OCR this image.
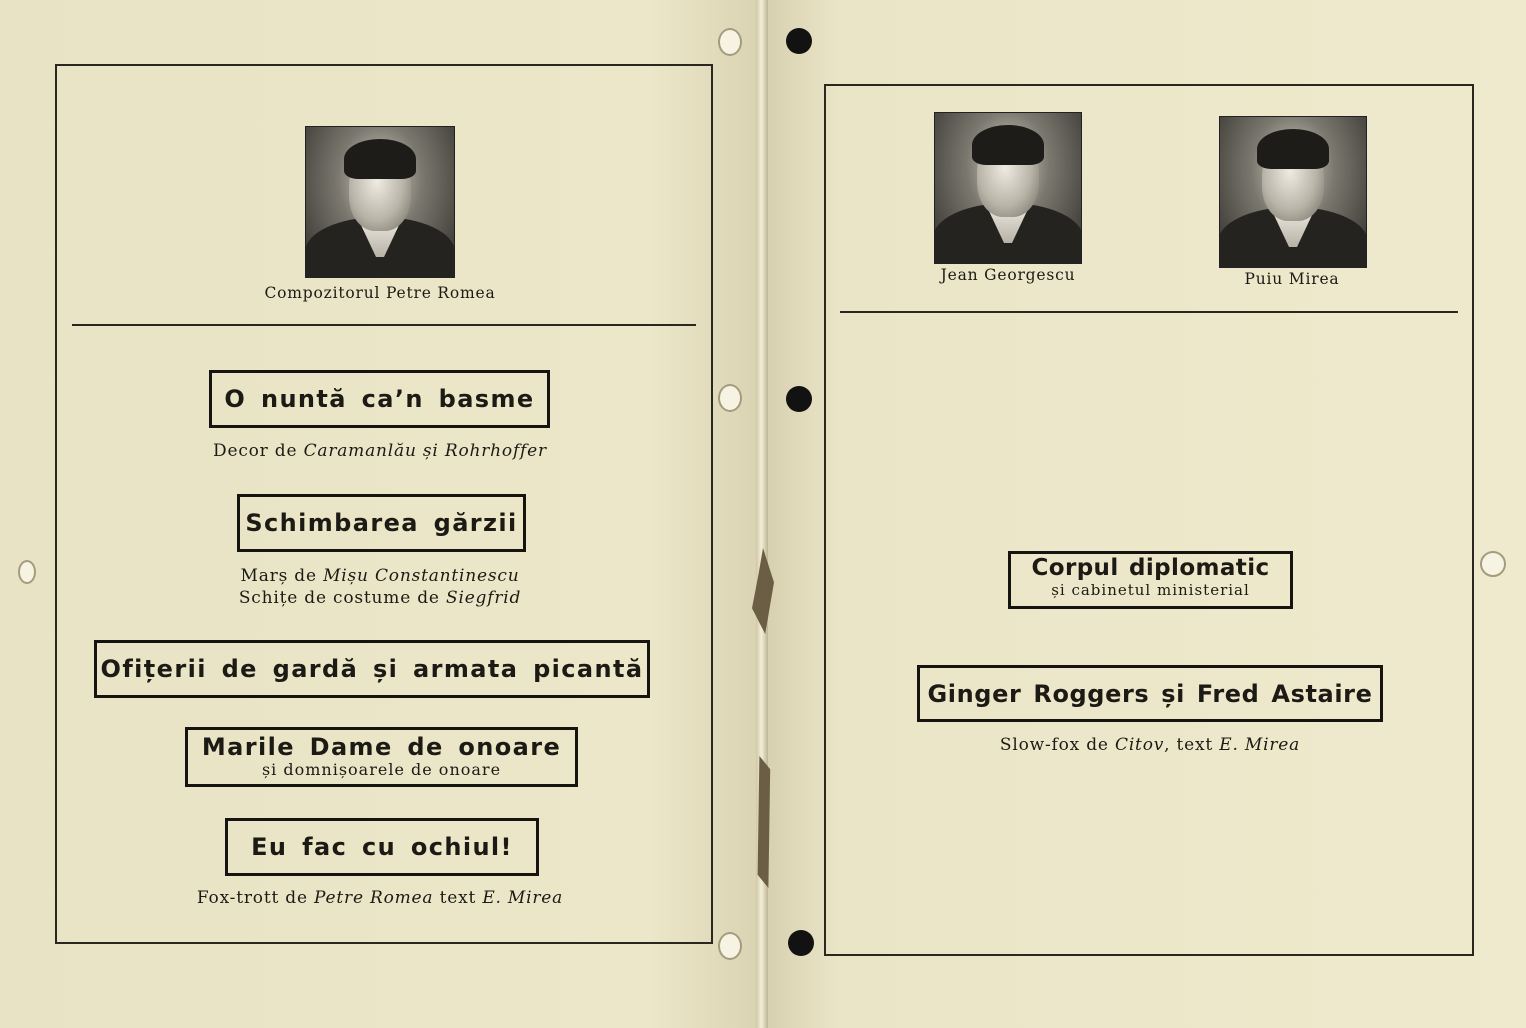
Compozitorul Petre Romea
O nuntă ca’n basme
Decor de Caramanlău și Rohrhoffer
Schimbarea gărzii
Marș de Mișu Constantinescu
Schițe de costume de Siegfrid
Ofițerii de gardă și armata picantă
Marile Dame de onoare
și domnișoarele de onoare
Eu fac cu ochiul!
Fox-trott de Petre Romea text E. Mirea
Jean Georgescu	Puiu Mirea
Corpul diplomatic
și cabinetul ministerial
Ginger Roggers și Fred Astaire
Slow-fox de Citov, text E. Mirea
